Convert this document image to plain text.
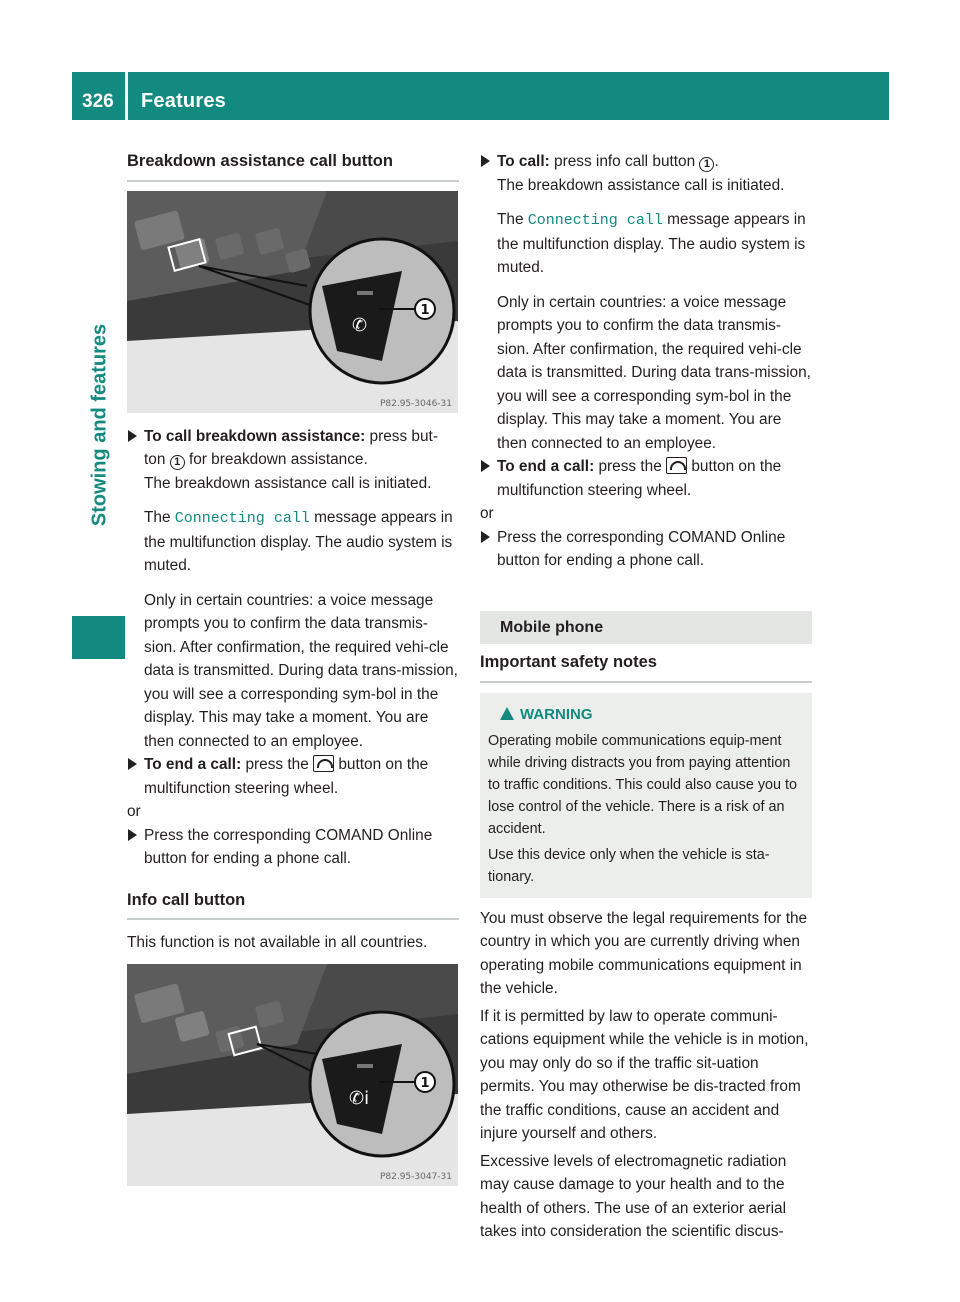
326 Features
Stowing and features
Breakdown assistance call button
✆
1
P82.95-3046-31
To call breakdown assistance: press but-ton 1 for breakdown assistance.
The breakdown assistance call is initiated.
The Connecting call message appears in the multifunction display. The audio system is muted.
Only in certain countries: a voice message prompts you to confirm the data transmis-sion. After confirmation, the required vehi-cle data is transmitted. During data trans-mission, you will see a corresponding sym-bol in the display. This may take a moment. You are then connected to an employee.
To end a call: press the  button on the multifunction steering wheel.
or
Press the corresponding COMAND Online button for ending a phone call.
Info call button
This function is not available in all countries.
✆i
1
P82.95-3047-31
To call: press info call button 1 .
The breakdown assistance call is initiated.
The Connecting call message appears in the multifunction display. The audio system is muted.
Only in certain countries: a voice message prompts you to confirm the data transmis-sion. After confirmation, the required vehi-cle data is transmitted. During data trans-mission, you will see a corresponding sym-bol in the display. This may take a moment. You are then connected to an employee.
To end a call: press the  button on the multifunction steering wheel.
or
Press the corresponding COMAND Online button for ending a phone call.
Mobile phone
Important safety notes
WARNING

Operating mobile communications equip-ment while driving distracts you from paying attention to traffic conditions. This could also cause you to lose control of the vehicle. There is a risk of an accident.

Use this device only when the vehicle is sta-tionary.

You must observe the legal requirements for the country in which you are currently driving when operating mobile communications equipment in the vehicle.

If it is permitted by law to operate communi-cations equipment while the vehicle is in motion, you may only do so if the traffic sit-uation permits. You may otherwise be dis-tracted from the traffic conditions, cause an accident and injure yourself and others.

Excessive levels of electromagnetic radiation may cause damage to your health and to the health of others. The use of an exterior aerial takes into consideration the scientific discus-
